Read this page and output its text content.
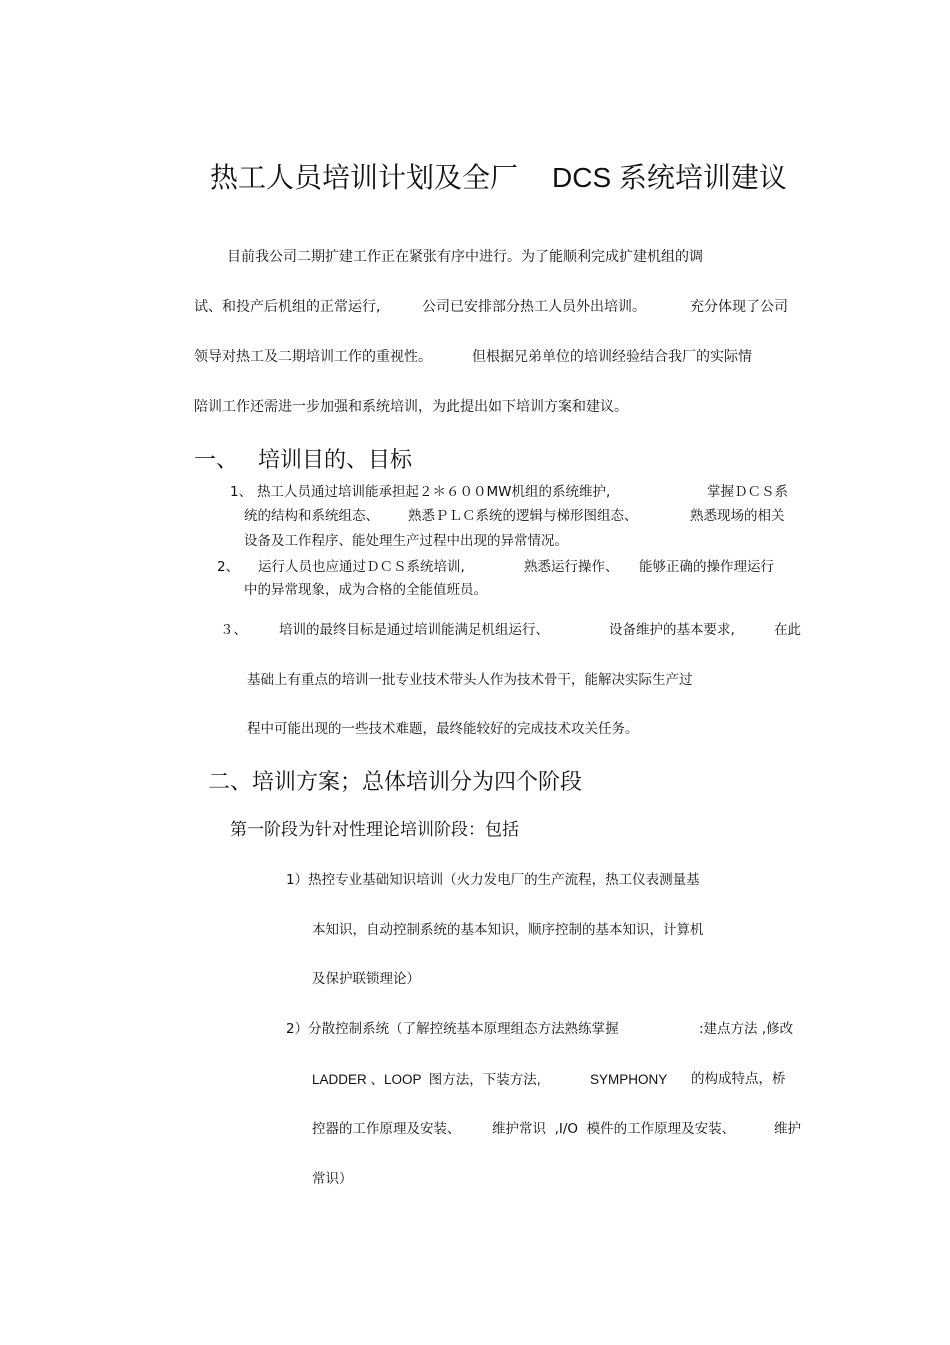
热工人员培训计划及全厂 DCS 系统培训建议
目前我公司二期扩建工作正在紧张有序中进行。为了能顺利完成扩建机组的调
试、和投产后机组的正常运行,	公司已安排部分热工人员外出培训。	充分体现了公司
领导对热工及二期培训工作的重视性。	但根据兄弟单位的培训经验结合我厂的实际情
陪训工作还需进一步加强和系统培训，为此提出如下培训方案和建议。
一、 培训目的、目标
1、 热工人员通过培训能承担起２＊６００MW机组的系统维护,	掌握ＤＣＳ系
统的结构和系统组态、 熟悉ＰＬＣ系统的逻辑与梯形图组态、	熟悉现场的相关
设备及工作程序、能处理生产过程中出现的异常情况。
2、 运行人员也应通过ＤＣＳ系统培训,	熟悉运行操作、 能够正确的操作理运行
中的异常现象，成为合格的全能值班员。
３、 培训的最终目标是通过培训能满足机组运行、	设备维护的基本要求,	在此
基础上有重点的培训一批专业技术带头人作为技术骨干，能解决实际生产过
程中可能出现的一些技术难题，最终能较好的完成技术攻关任务。
二、培训方案；总体培训分为四个阶段
第一阶段为针对性理论培训阶段：包括
1）热控专业基础知识培训（火力发电厂的生产流程，热工仪表测量基
本知识，自动控制系统的基本知识，顺序控制的基本知识，计算机
及保护联锁理论）
2）分散控制系统（了解控统基本原理组态方法熟练掌握	:建点方法 ,修改
LADDER 、LOOP  图方法，下装方法,	SYMPHONY 的构成特点，桥
控器的工作原理及安装、 维护常识  ,I/O  模件的工作原理及安装、	维护
常识）
